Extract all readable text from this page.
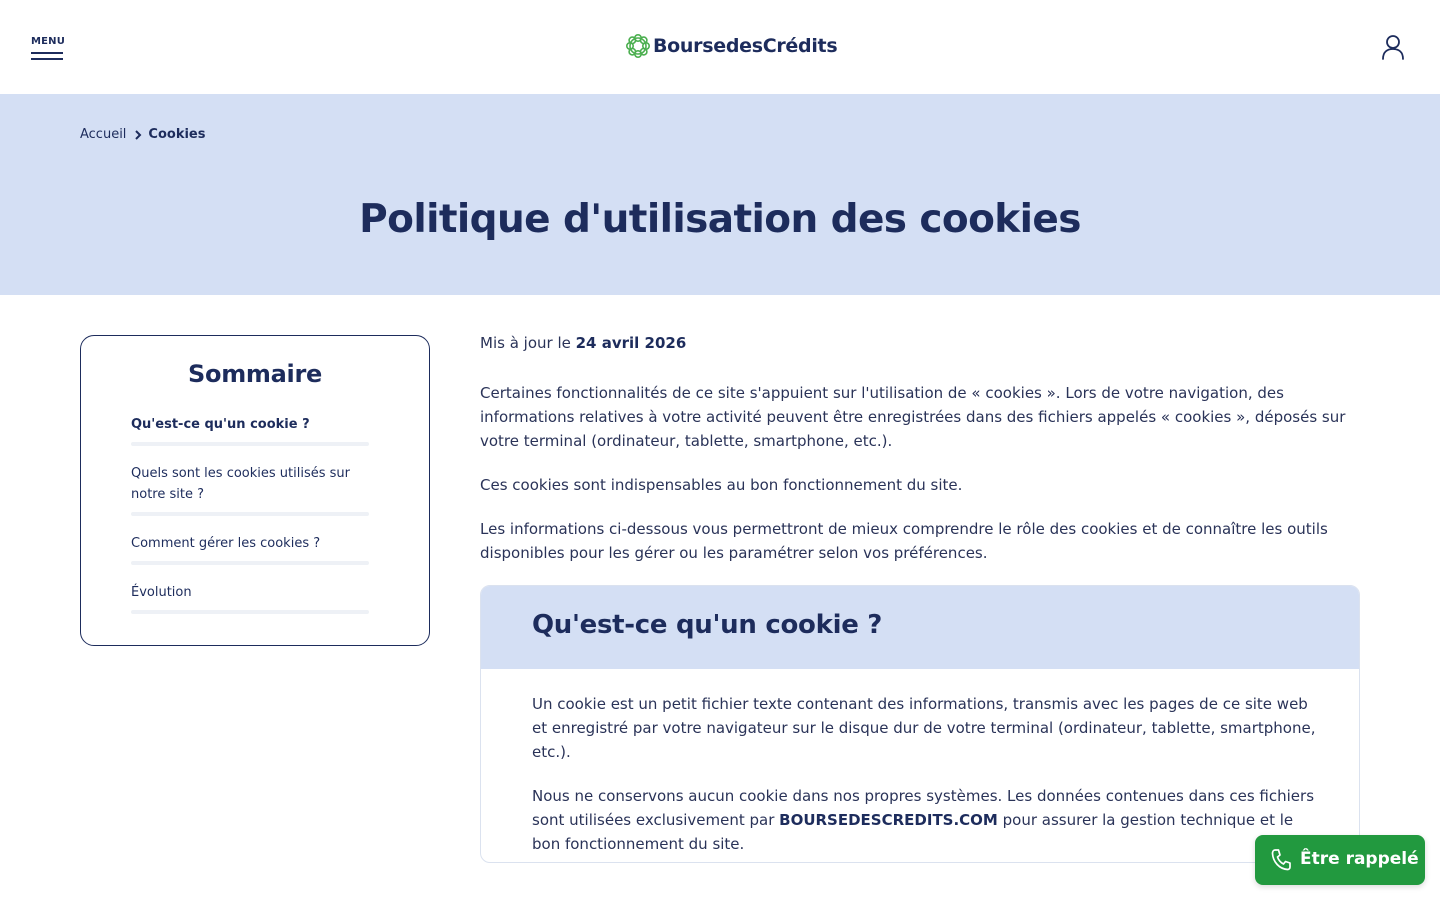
MENU	BoursedesCrédits
Accueil Cookies
Politique d'utilisation des cookies
Sommaire
Qu'est-ce qu'un cookie ?
Quels sont les cookies utilisés sur notre site ?
Comment gérer les cookies ?
Évolution
Mis à jour le 24 avril 2026

Certaines fonctionnalités de ce site s'appuient sur l'utilisation de « cookies ». Lors de votre navigation, des informations relatives à votre activité peuvent être enregistrées dans des fichiers appelés « cookies », déposés sur votre terminal (ordinateur, tablette, smartphone, etc.).

Ces cookies sont indispensables au bon fonctionnement du site.

Les informations ci-dessous vous permettront de mieux comprendre le rôle des cookies et de connaître les outils disponibles pour les gérer ou les paramétrer selon vos préférences.

Qu'est-ce qu'un cookie ?

Un cookie est un petit fichier texte contenant des informations, transmis avec les pages de ce site web et enregistré par votre navigateur sur le disque dur de votre terminal (ordinateur, tablette, smartphone, etc.).

Nous ne conservons aucun cookie dans nos propres systèmes. Les données contenues dans ces fichiers sont utilisées exclusivement par BOURSEDESCREDITS.COM pour assurer la gestion technique et le bon fonctionnement du site.

Être rappelé
